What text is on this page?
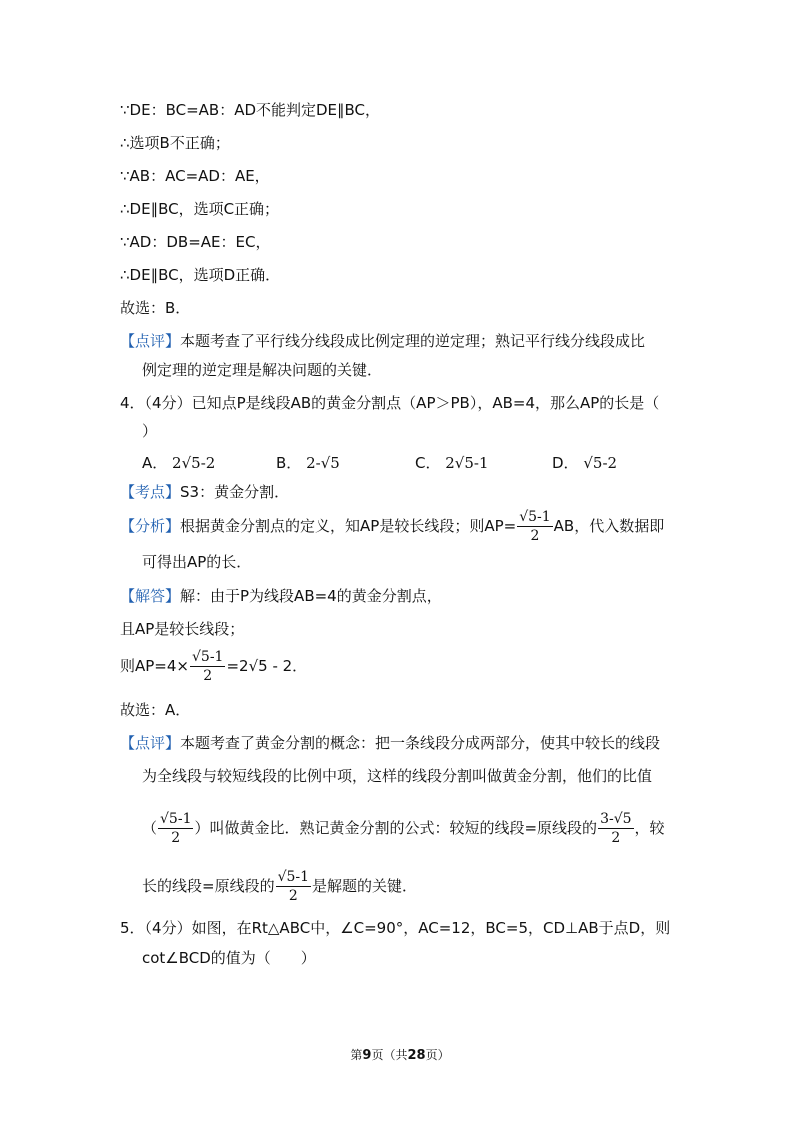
∵DE：BC=AB：AD不能判定DE∥BC，
∴选项B不正确；
∵AB：AC=AD：AE，
∴DE∥BC，选项C正确；
∵AD：DB=AE：EC，
∴DE∥BC，选项D正确．
故选：B．
【点评】本题考查了平行线分线段成比例定理的逆定理；熟记平行线分线段成比
例定理的逆定理是解决问题的关键．
4．（4分）已知点P是线段AB的黄金分割点（AP＞PB），AB=4，那么AP的长是（
）
A． 2√5-2	B． 2-√5	C． 2√5-1	D． √5-2
【考点】S3：黄金分割．
【分析】根据黄金分割点的定义，知AP是较长线段；则$AP= \frac{√5-1}{2}$ AB，代入数据即
可得出AP的长．
【解答】解：由于P为线段AB=4的黄金分割点，
且AP是较长线段；
则$AP=4\times \frac{√5-1}{2} =2√5 - 2$．
故选：A．
【点评】本题考查了黄金分割的概念：把一条线段分成两部分，使其中较长的线段
为全线段与较短线段的比例中项，这样的线段分割叫做黄金分割，他们的比值
（ $\frac{√5-1}{2}$ ）叫做黄金比．熟记黄金分割的公式：较短的线段=原线段的 $\frac{3-√5}{2}$ ，较
长的线段=原线段的 $\frac{√5-1}{2}$ 是解题的关键．
5．（4分）如图，在Rt△ABC中，∠C=90°，AC=12，BC=5，CD⊥AB于点D，则
cot∠BCD的值为（　　）
第9页（共28页）
